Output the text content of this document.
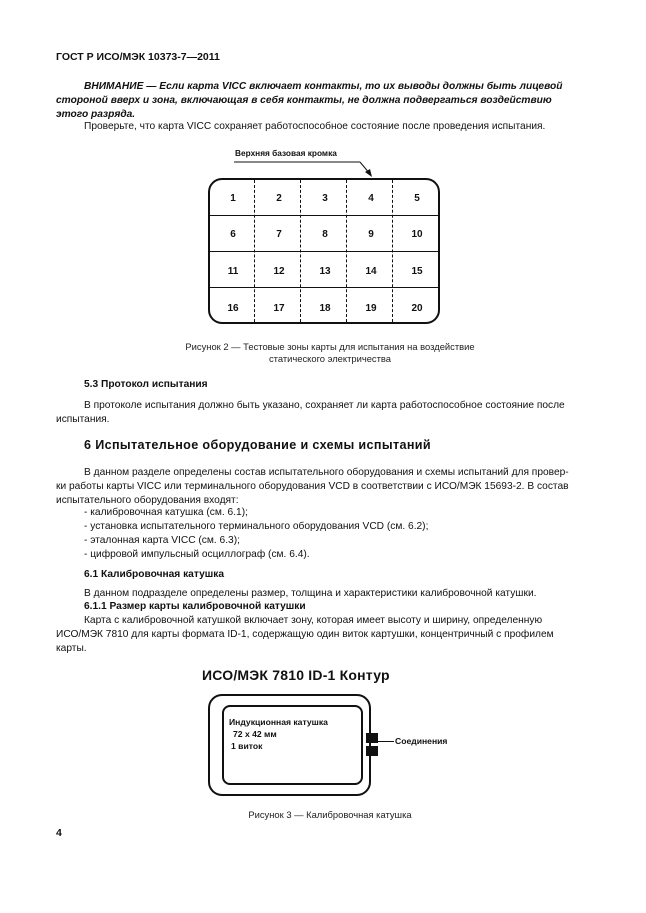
ГОСТ Р ИСО/МЭК 10373-7—2011
ВНИМАНИЕ — Если карта VICC включает контакты, то их выводы должны быть лицевой
стороной вверх и зона, включающая в себя контакты, не должна подвергаться воздействию
этого разряда.
Проверьте, что карта VICC сохраняет работоспособное состояние после проведения испытания.
Верхняя базовая кромка
1	2	3	4	5
6	7	8	9	10
11	12	13	14	15
16	17	18	19	20
Рисунок 2 — Тестовые зоны карты для испытания на воздействие
статического электричества
5.3 Протокол испытания
В протоколе испытания должно быть указано, сохраняет ли карта работоспособное состояние после
испытания.
6 Испытательное оборудование и схемы испытаний
В данном разделе определены состав испытательного оборудования и схемы испытаний для провер-
ки работы карты VICC или терминального оборудования VCD в соответствии с ИСО/МЭК 15693-2. В состав
испытательного оборудования входят:
- калибровочная катушка (см. 6.1);
- установка испытательного терминального оборудования VCD (см. 6.2);
- эталонная карта VICC (см. 6.3);
- цифровой импульсный осциллограф (см. 6.4).
6.1 Калибровочная катушка
В данном подразделе определены размер, толщина и характеристики калибровочной катушки.
6.1.1 Размер карты калибровочной катушки
Карта с калибровочной катушкой включает зону, которая имеет высоту и ширину, определенную
ИСО/МЭК 7810 для карты формата ID-1, содержащую один виток картушки, концентричный с профилем
карты.
ИСО/МЭК 7810 ID-1 Контур
Индукционная катушка
72 x 42 мм
1 виток	Соединения
Рисунок 3 — Калибровочная катушка
4
